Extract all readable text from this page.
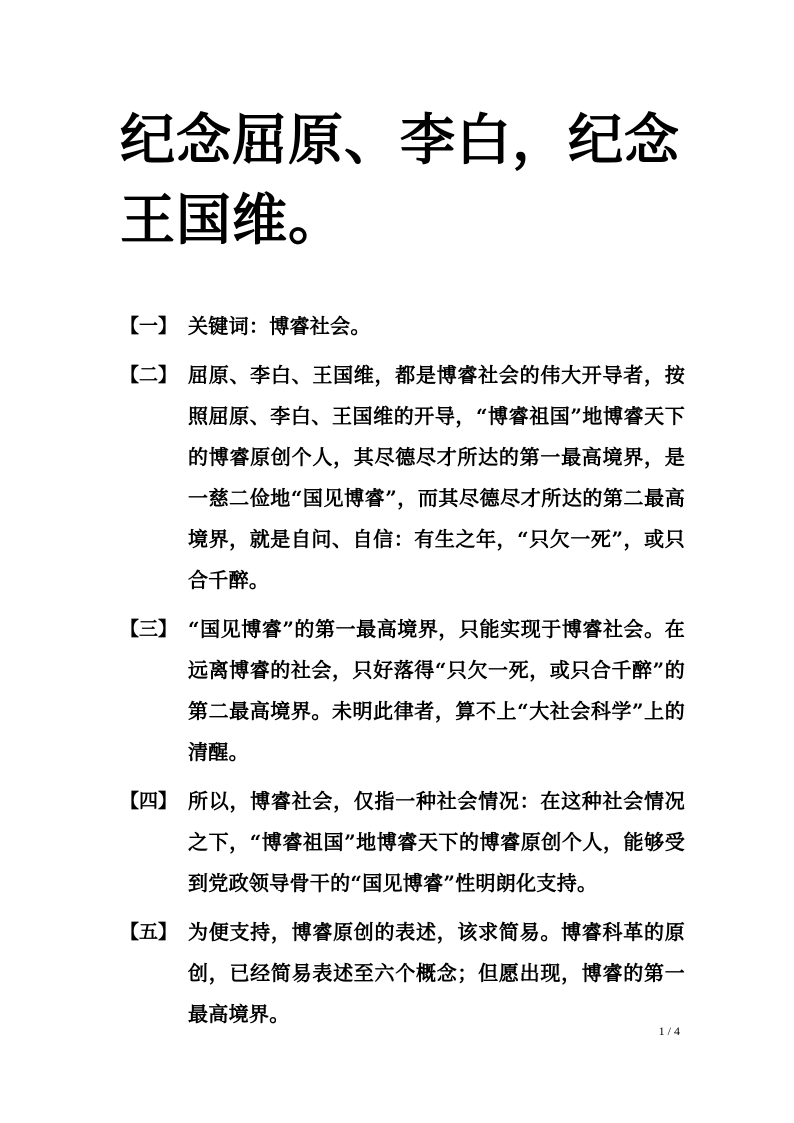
纪念屈原、李白，纪念王国维。
【一】 关键词：博睿社会。
【二】 屈原、李白、王国维，都是博睿社会的伟大开导者，按照屈原、李白、王国维的开导，“博睿祖国”地博睿天下的博睿原创个人，其尽德尽才所达的第一最高境界，是一慈二俭地“国见博睿”，而其尽德尽才所达的第二最高境界，就是自问、自信：有生之年，“只欠一死”，或只合千醉。
【三】 “国见博睿”的第一最高境界，只能实现于博睿社会。在远离博睿的社会，只好落得“只欠一死，或只合千醉”的第二最高境界。未明此律者，算不上“大社会科学”上的清醒。
【四】 所以，博睿社会，仅指一种社会情况：在这种社会情况之下，“博睿祖国”地博睿天下的博睿原创个人，能够受到党政领导骨干的“国见博睿”性明朗化支持。
【五】 为便支持，博睿原创的表述，该求简易。博睿科革的原创，已经简易表述至六个概念；但愿出现，博睿的第一最高境界。
1 / 4
